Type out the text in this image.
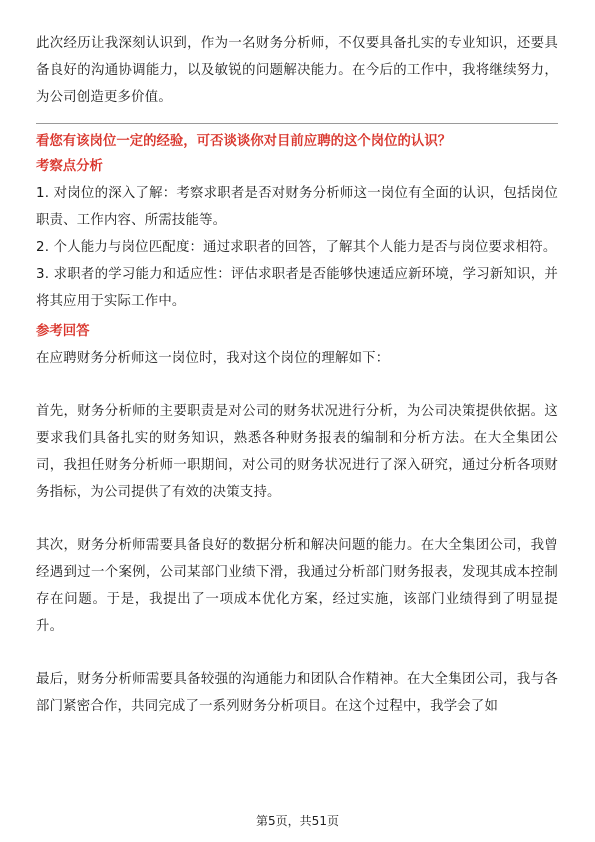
此次经历让我深刻认识到，作为一名财务分析师，不仅要具备扎实的专业知识，还要具备良好的沟通协调能力，以及敏锐的问题解决能力。在今后的工作中，我将继续努力，为公司创造更多价值。

看您有该岗位一定的经验，可否谈谈你对目前应聘的这个岗位的认识？

考察点分析

1. 对岗位的深入了解：考察求职者是否对财务分析师这一岗位有全面的认识，包括岗位职责、工作内容、所需技能等。

2. 个人能力与岗位匹配度：通过求职者的回答，了解其个人能力是否与岗位要求相符。

3. 求职者的学习能力和适应性：评估求职者是否能够快速适应新环境，学习新知识，并将其应用于实际工作中。

参考回答

在应聘财务分析师这一岗位时，我对这个岗位的理解如下：

首先，财务分析师的主要职责是对公司的财务状况进行分析，为公司决策提供依据。这要求我们具备扎实的财务知识，熟悉各种财务报表的编制和分析方法。在大全集团公司，我担任财务分析师一职期间，对公司的财务状况进行了深入研究，通过分析各项财务指标，为公司提供了有效的决策支持。

其次，财务分析师需要具备良好的数据分析和解决问题的能力。在大全集团公司，我曾经遇到过一个案例，公司某部门业绩下滑，我通过分析部门财务报表，发现其成本控制存在问题。于是，我提出了一项成本优化方案，经过实施，该部门业绩得到了明显提升。

最后，财务分析师需要具备较强的沟通能力和团队合作精神。在大全集团公司，我与各部门紧密合作，共同完成了一系列财务分析项目。在这个过程中，我学会了如

第5页，共51页
